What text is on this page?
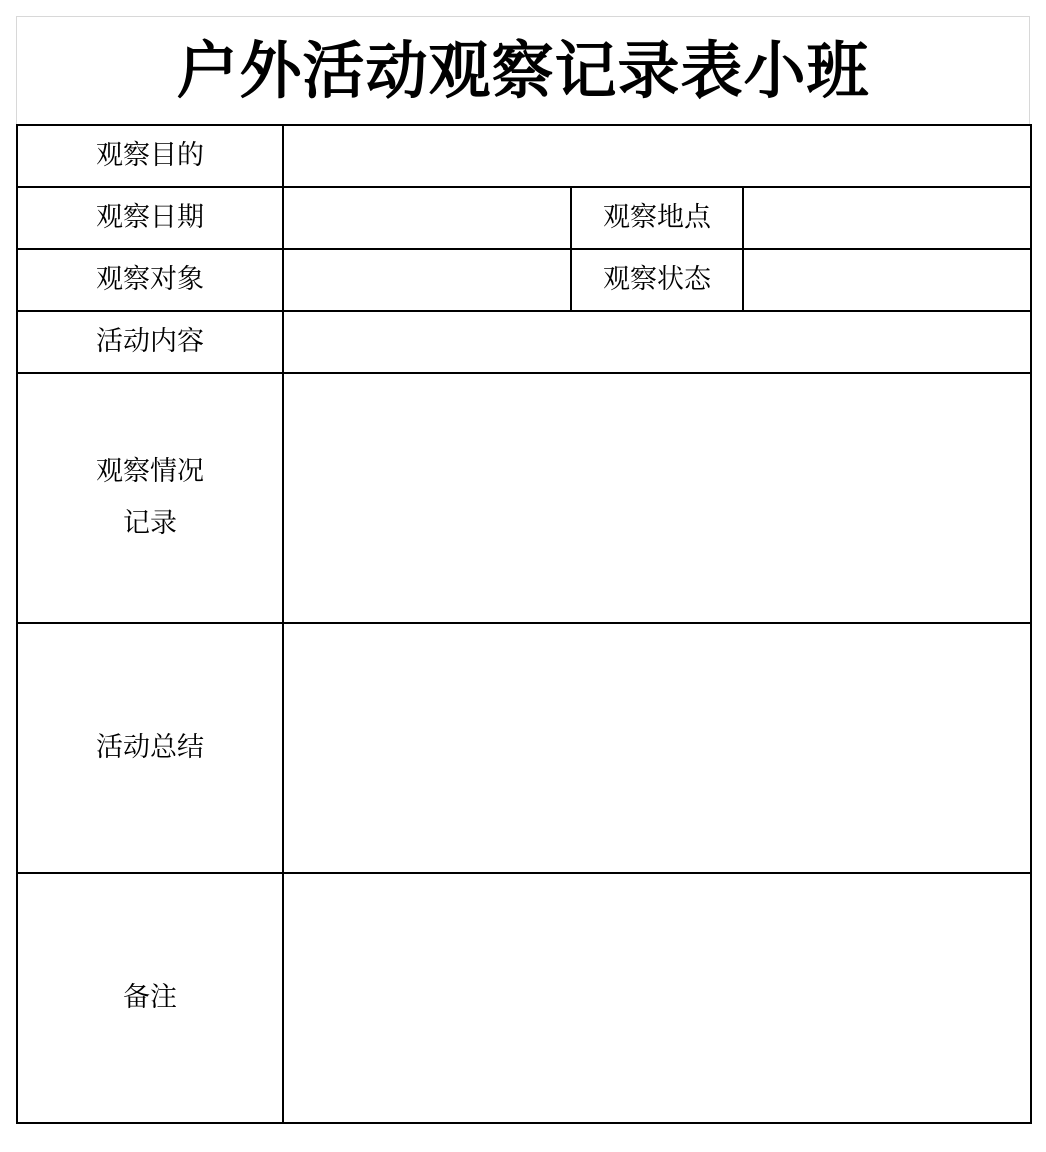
户外活动观察记录表小班
观察目的			
观察日期		观察地点	
观察对象		观察状态	
活动内容			
观察情况
记录			
活动总结			
备注			
